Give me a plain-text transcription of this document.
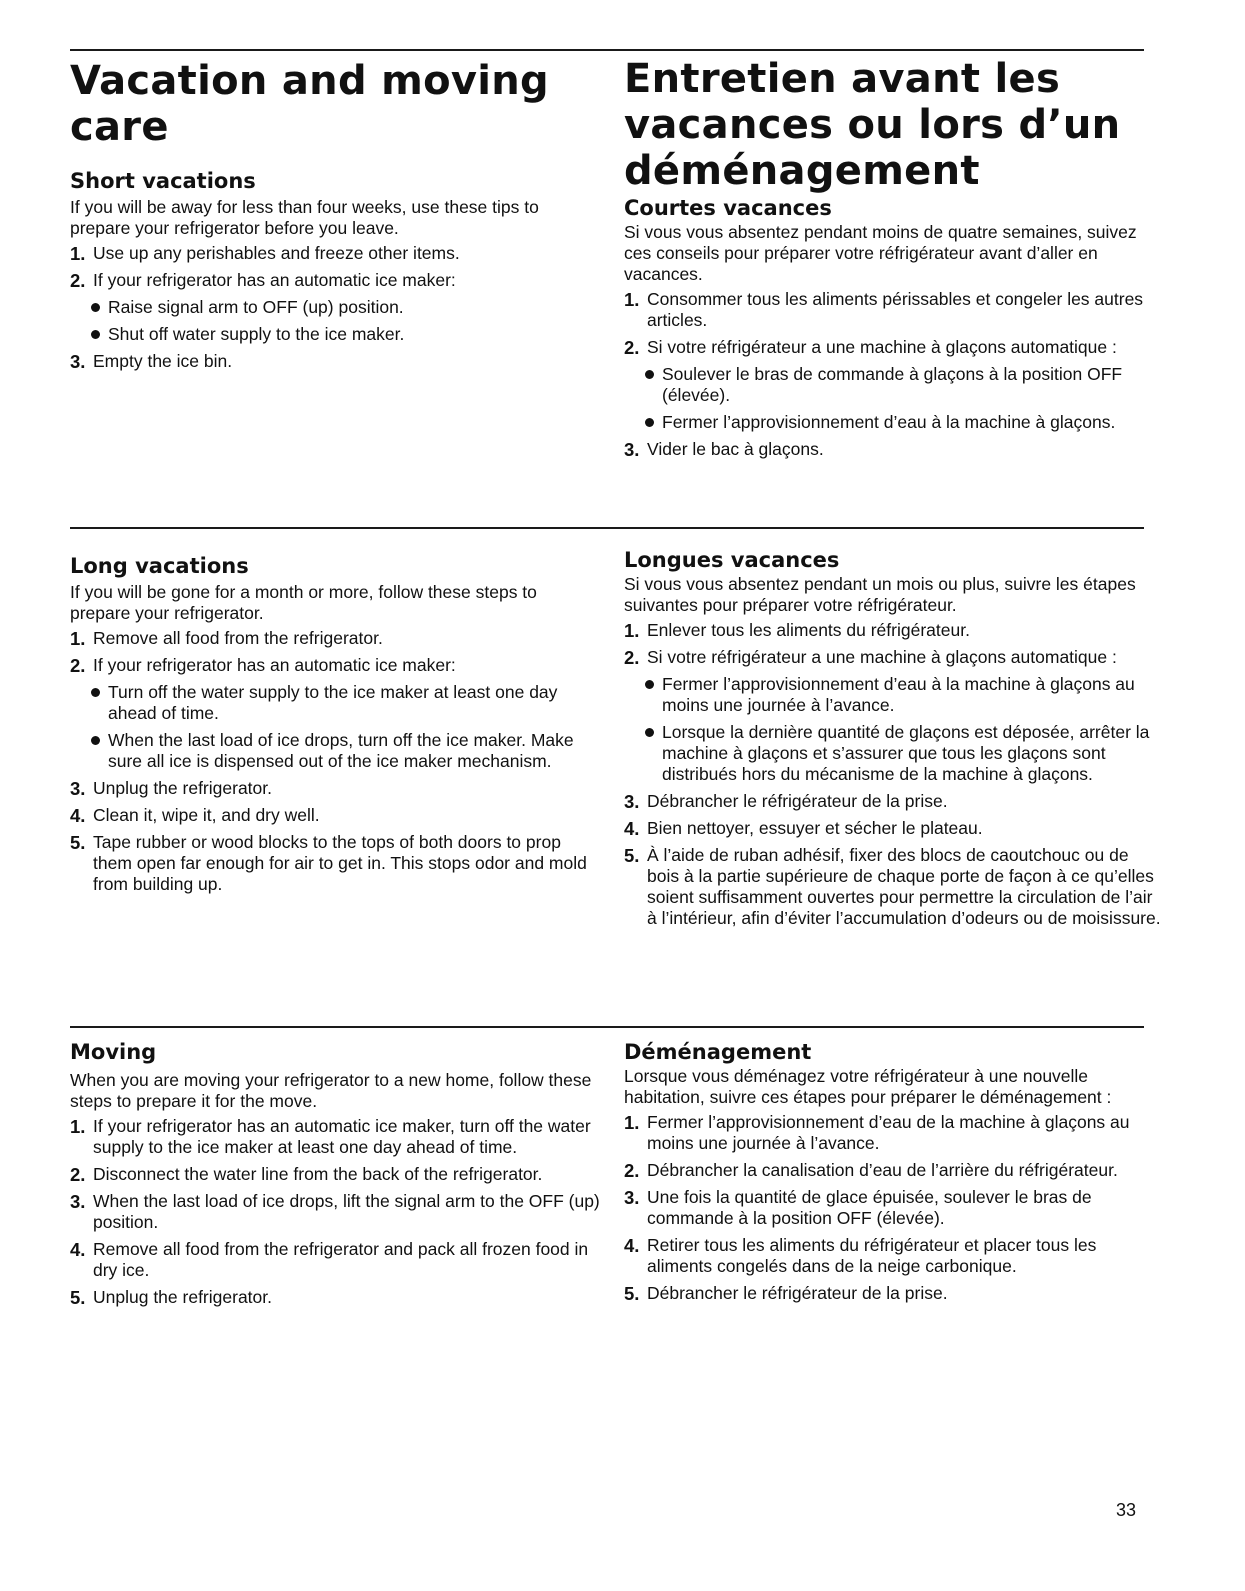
Vacation and moving
care
Short vacations

If you will be away for less than four weeks, use these tips to prepare your refrigerator before you leave.

1. Use up any perishables and freeze other items.
2. If your refrigerator has an automatic ice maker:
Raise signal arm to OFF (up) position.
Shut off water supply to the ice maker.
3. Empty the ice bin.
Long vacations

If you will be gone for a month or more, follow these steps to prepare your refrigerator.

1. Remove all food from the refrigerator.
2. If your refrigerator has an automatic ice maker:
Turn off the water supply to the ice maker at least one day ahead of time.
When the last load of ice drops, turn off the ice maker. Make sure all ice is dispensed out of the ice maker mechanism.
3. Unplug the refrigerator.
4. Clean it, wipe it, and dry well.
5. Tape rubber or wood blocks to the tops of both doors to prop them open far enough for air to get in. This stops odor and mold from building up.
Moving

When you are moving your refrigerator to a new home, follow these steps to prepare it for the move.

1. If your refrigerator has an automatic ice maker, turn off the water supply to the ice maker at least one day ahead of time.
2. Disconnect the water line from the back of the refrigerator.
3. When the last load of ice drops, lift the signal arm to the OFF (up) position.
4. Remove all food from the refrigerator and pack all frozen food in dry ice.
5. Unplug the refrigerator.
Entretien avant les
vacances ou lors d’un
déménagement
Courtes vacances

Si vous vous absentez pendant moins de quatre semaines, suivez ces conseils pour préparer votre réfrigérateur avant d’aller en vacances.

1. Consommer tous les aliments périssables et congeler les autres articles.
2. Si votre réfrigérateur a une machine à glaçons automatique :
Soulever le bras de commande à glaçons à la position OFF (élevée).
Fermer l’approvisionnement d’eau à la machine à glaçons.
3. Vider le bac à glaçons.
Longues vacances

Si vous vous absentez pendant un mois ou plus, suivre les étapes suivantes pour préparer votre réfrigérateur.

1. Enlever tous les aliments du réfrigérateur.
2. Si votre réfrigérateur a une machine à glaçons automatique :
Fermer l’approvisionnement d’eau à la machine à glaçons au moins une journée à l’avance.
Lorsque la dernière quantité de glaçons est déposée, arrêter la machine à glaçons et s’assurer que tous les glaçons sont distribués hors du mécanisme de la machine à glaçons.
3. Débrancher le réfrigérateur de la prise.
4. Bien nettoyer, essuyer et sécher le plateau.
5. À l’aide de ruban adhésif, fixer des blocs de caoutchouc ou de bois à la partie supérieure de chaque porte de façon à ce qu’elles soient suffisamment ouvertes pour permettre la circulation de l’air à l’intérieur, afin d’éviter l’accumulation d’odeurs ou de moisissure.
Déménagement

Lorsque vous déménagez votre réfrigérateur à une nouvelle habitation, suivre ces étapes pour préparer le déménagement :

1. Fermer l’approvisionnement d’eau de la machine à glaçons au moins une journée à l’avance.
2. Débrancher la canalisation d’eau de l’arrière du réfrigérateur.
3. Une fois la quantité de glace épuisée, soulever le bras de commande à la position OFF (élevée).
4. Retirer tous les aliments du réfrigérateur et placer tous les aliments congelés dans de la neige carbonique.
5. Débrancher le réfrigérateur de la prise.
33
